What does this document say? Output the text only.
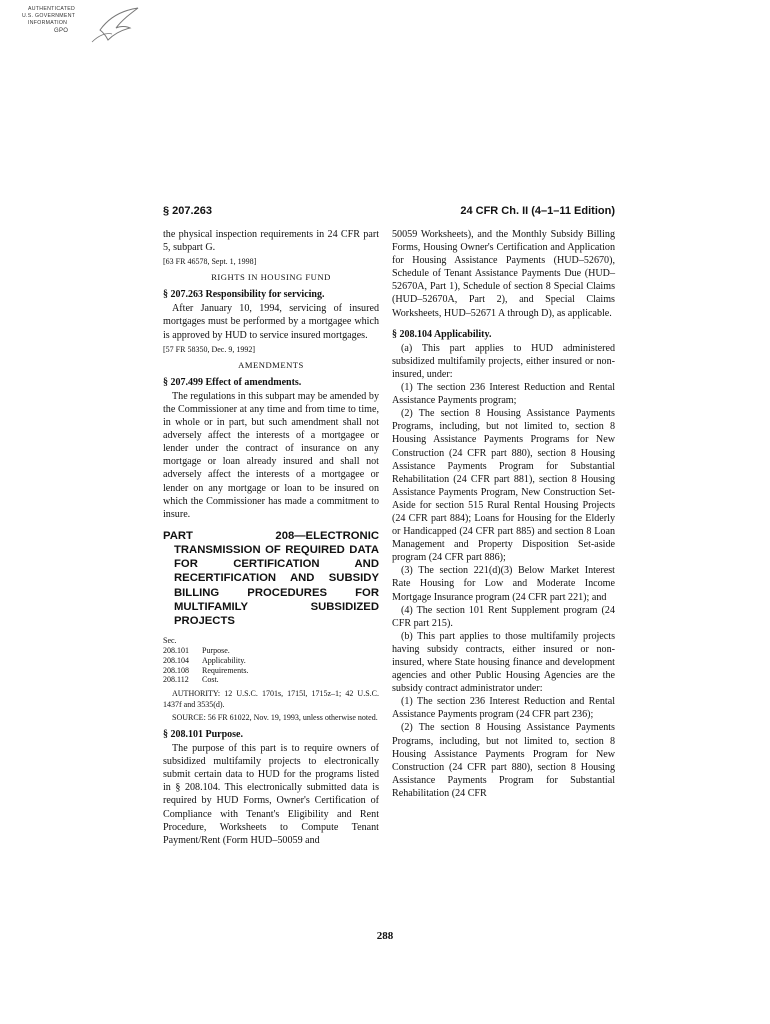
AUTHENTICATED
U.S. GOVERNMENT
INFORMATION
GPO
§ 207.263	24 CFR Ch. II (4–1–11 Edition)

the physical inspection requirements in 24 CFR part 5, subpart G.

[63 FR 46578, Sept. 1, 1998]
RIGHTS IN HOUSING FUND
§ 207.263 Responsibility for servicing.

After January 10, 1994, servicing of insured mortgages must be performed by a mortgagee which is approved by HUD to service insured mortgages.

[57 FR 58350, Dec. 9, 1992]
AMENDMENTS
§ 207.499 Effect of amendments.

The regulations in this subpart may be amended by the Commissioner at any time and from time to time, in whole or in part, but such amendment shall not adversely affect the interests of a mortgagee or lender under the contract of insurance on any mortgage or loan already insured and shall not adversely affect the interests of a mortgagee or lender on any mortgage or loan to be insured on which the Commissioner has made a commitment to insure.

PART 208—ELECTRONIC TRANSMISSION OF REQUIRED DATA FOR CERTIFICATION AND RECERTIFICATION AND SUBSIDY BILLING PROCEDURES FOR MULTIFAMILY SUBSIDIZED PROJECTS
Sec.
208.101 Purpose.
208.104 Applicability.
208.108 Requirements.
208.112 Cost.

AUTHORITY: 12 U.S.C. 1701s, 1715l, 1715z–1; 42 U.S.C. 1437f and 3535(d).

SOURCE: 56 FR 61022, Nov. 19, 1993, unless otherwise noted.

§ 208.101 Purpose.

The purpose of this part is to require owners of subsidized multifamily projects to electronically submit certain data to HUD for the programs listed in § 208.104. This electronically submitted data is required by HUD Forms, Owner's Certification of Compliance with Tenant's Eligibility and Rent Procedure, Worksheets to Compute Tenant Payment/Rent (Form HUD–50059 and

50059 Worksheets), and the Monthly Subsidy Billing Forms, Housing Owner's Certification and Application for Housing Assistance Payments (HUD–52670), Schedule of Tenant Assistance Payments Due (HUD–52670A, Part 1), Schedule of section 8 Special Claims (HUD–52670A, Part 2), and Special Claims Worksheets, HUD–52671 A through D), as applicable.

§ 208.104 Applicability.

(a) This part applies to HUD administered subsidized multifamily projects, either insured or non-insured, under:

(1) The section 236 Interest Reduction and Rental Assistance Payments program;

(2) The section 8 Housing Assistance Payments Programs, including, but not limited to, section 8 Housing Assistance Payments Programs for New Construction (24 CFR part 880), section 8 Housing Assistance Payments Program for Substantial Rehabilitation (24 CFR part 881), section 8 Housing Assistance Payments Program, New Construction Set-Aside for section 515 Rural Rental Housing Projects (24 CFR part 884); Loans for Housing for the Elderly or Handicapped (24 CFR part 885) and section 8 Loan Management and Property Disposition Set-aside program (24 CFR part 886);

(3) The section 221(d)(3) Below Market Interest Rate Housing for Low and Moderate Income Mortgage Insurance program (24 CFR part 221); and

(4) The section 101 Rent Supplement program (24 CFR part 215).

(b) This part applies to those multifamily projects having subsidy contracts, either insured or non-insured, where State housing finance and development agencies and other Public Housing Agencies are the subsidy contract administrator under:

(1) The section 236 Interest Reduction and Rental Assistance Payments program (24 CFR part 236);

(2) The section 8 Housing Assistance Payments Programs, including, but not limited to, section 8 Housing Assistance Payments Program for New Construction (24 CFR part 880), section 8 Housing Assistance Payments Program for Substantial Rehabilitation (24 CFR

288
